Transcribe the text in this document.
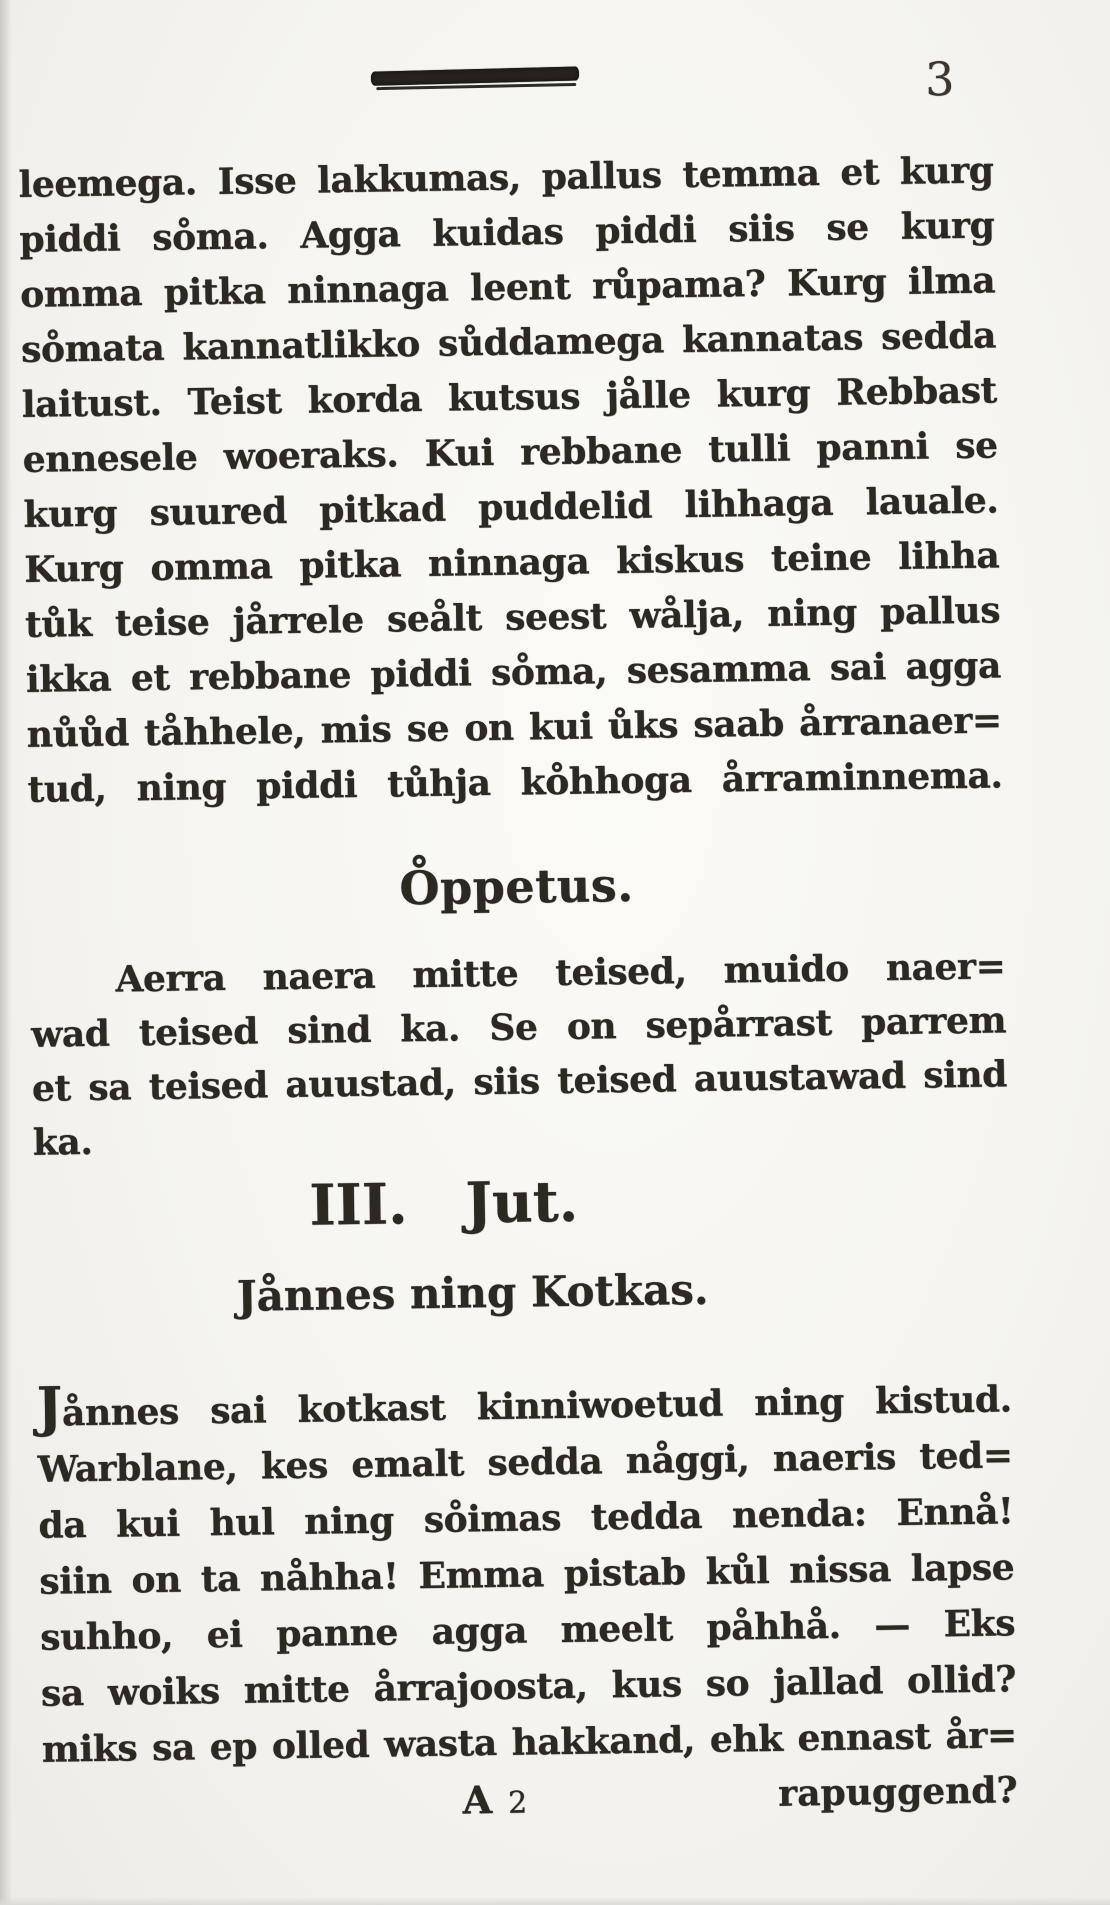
3
leemega. Isse lakkumas, pallus temma et kurg
piddi so̊ma. Agga kuidas piddi siis se kurg
omma pitka ninnaga leent růpama? Kurg ilma
so̊mata kannatlikko sůddamega kannatas sedda
laitust. Teist korda kutsus jålle kurg Rebbast
ennesele woeraks. Kui rebbane tulli panni se
kurg suured pitkad puddelid lihhaga lauale.
Kurg omma pitka ninnaga kiskus teine lihha
tůk teise jårrele seålt seest wålja, ning pallus
ikka et rebbane piddi so̊ma, sesamma sai agga
nůůd tåhhele, mis se on kui ůks saab årranaer=
tud, ning piddi tůhja ko̊hhoga årraminnema.
O̊ppetus.
Aerra naera mitte teised, muido naer=
wad teised sind ka. Se on sepårrast parrem
et sa teised auustad, siis teised auustawad sind
ka.
III. Jut.
Jånnes ning Kotkas.
Jånnes sai kotkast kinniwoetud ning kistud.
Warblane, kes emalt sedda någgi, naeris ted=
da kui hul ning so̊imas tedda nenda: Ennå!
siin on ta nåhha! Emma pistab kůl nissa lapse
suhho, ei panne agga meelt påhhå. — Eks
sa woiks mitte årrajoosta, kus so jallad ollid?
miks sa ep olled wasta hakkand, ehk ennast år=
A 2	rapuggend?
